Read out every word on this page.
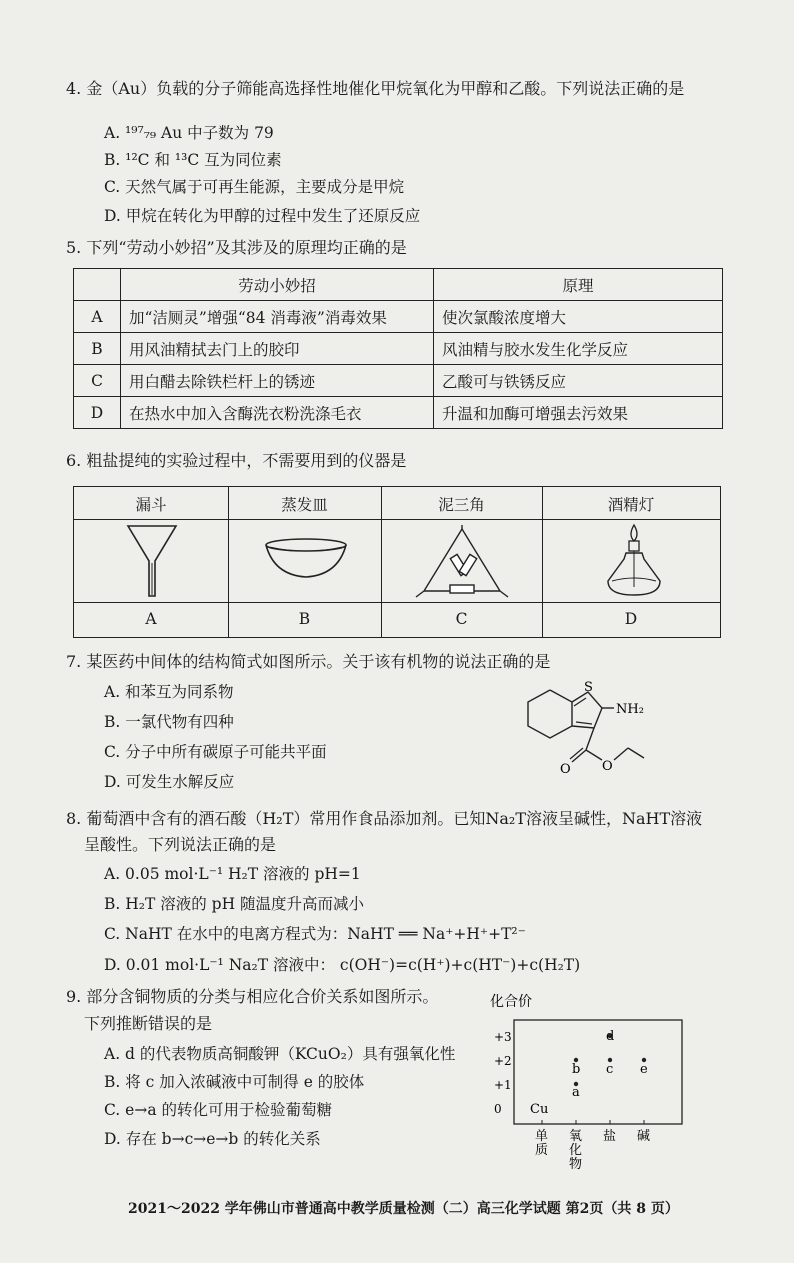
4. 金（Au）负载的分子筛能高选择性地催化甲烷氧化为甲醇和乙酸。下列说法正确的是
A. ¹⁹⁷₇₉ Au 中子数为 79
B. ¹²C 和 ¹³C 互为同位素
C. 天然气属于可再生能源，主要成分是甲烷
D. 甲烷在转化为甲醇的过程中发生了还原反应
5. 下列“劳动小妙招”及其涉及的原理均正确的是
	劳动小妙招	原理
A	加“洁厕灵”增强“84 消毒液”消毒效果	使次氯酸浓度增大
B	用风油精拭去门上的胶印	风油精与胶水发生化学反应
C	用白醋去除铁栏杆上的锈迹	乙酸可与铁锈反应
D	在热水中加入含酶洗衣粉洗涤毛衣	升温和加酶可增强去污效果
6. 粗盐提纯的实验过程中，不需要用到的仪器是
漏斗	蒸发皿	泥三角	酒精灯
A	B	C	D
7. 某医药中间体的结构简式如图所示。关于该有机物的说法正确的是
A. 和苯互为同系物
B. 一氯代物有四种
C. 分子中所有碳原子可能共平面
D. 可发生水解反应
S
NH₂
O O
8. 葡萄酒中含有的酒石酸（H₂T）常用作食品添加剂。已知Na₂T溶液呈碱性，NaHT溶液
呈酸性。下列说法正确的是
A. 0.05 mol·L⁻¹ H₂T 溶液的 pH=1
B. H₂T 溶液的 pH 随温度升高而减小
C. NaHT 在水中的电离方程式为：NaHT ══ Na⁺+H⁺+T²⁻
D. 0.01 mol·L⁻¹ Na₂T 溶液中： c(OH⁻)=c(H⁺)+c(HT⁻)+c(H₂T)
9. 部分含铜物质的分类与相应化合价关系如图所示。
下列推断错误的是
A. d 的代表物质高铜酸钾（KCuO₂）具有强氧化性
B. 将 c 加入浓碱液中可制得 e 的胶体
C. e→a 的转化可用于检验葡萄糖
D. 存在 b→c→e→b 的转化关系
化合价
+3
+2
+1
0
单
质
氧
化
物
盐 碱
Cu
a
b c
d
e
2021～2022 学年佛山市普通高中教学质量检测（二）高三化学试题 第2页（共 8 页）
